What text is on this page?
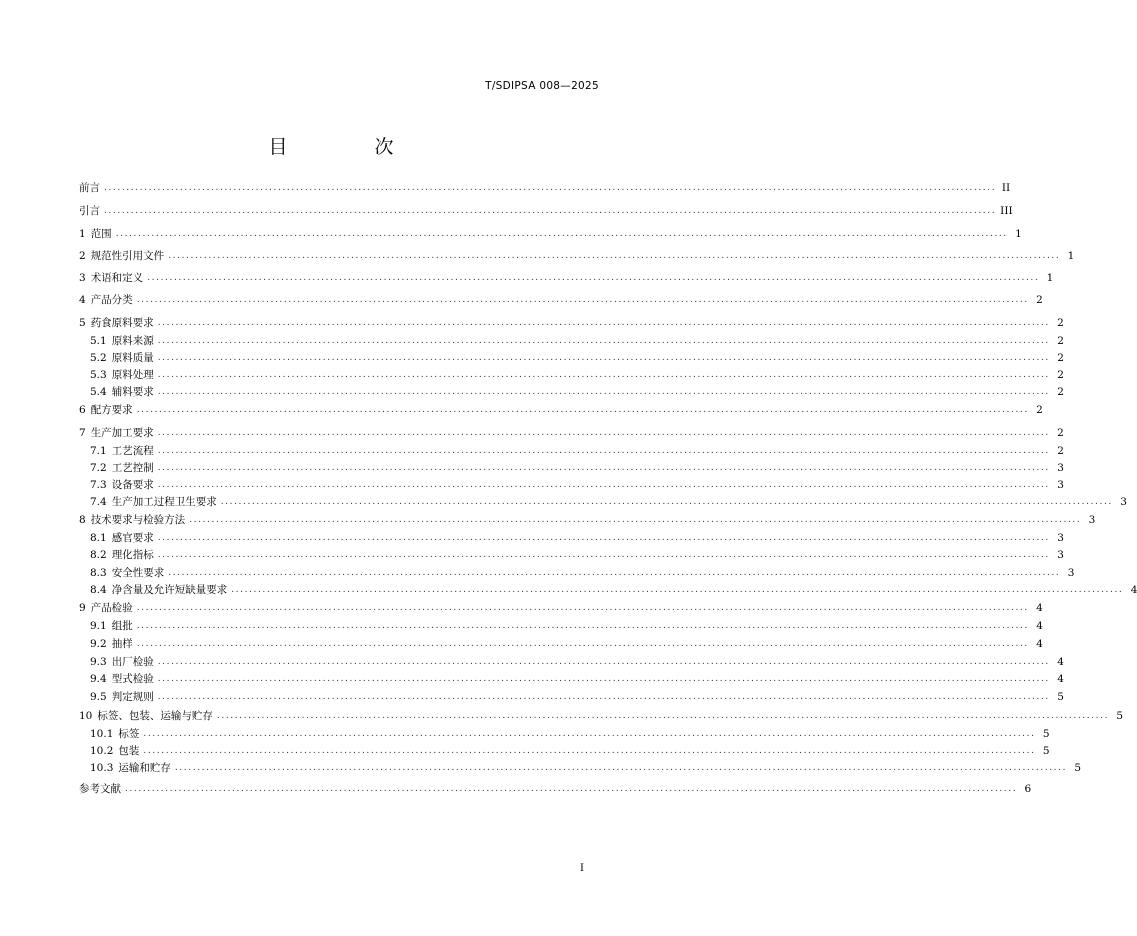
T/SDIPSA 008—2025
目　次
前言 ........................................................................................................................................................................................................ II
引言 ........................................................................................................................................................................................................ III
1 范围 ........................................................................................................................................................................................................ 1
2 规范性引用文件 ........................................................................................................................................................................................................ 1
3 术语和定义 ........................................................................................................................................................................................................ 1
4 产品分类 ........................................................................................................................................................................................................ 2
5 药食原料要求 ........................................................................................................................................................................................................ 2
5.1 原料来源 ........................................................................................................................................................................................................ 2
5.2 原料质量 ........................................................................................................................................................................................................ 2
5.3 原料处理 ........................................................................................................................................................................................................ 2
5.4 辅料要求 ........................................................................................................................................................................................................ 2
6 配方要求 ........................................................................................................................................................................................................ 2
7 生产加工要求 ........................................................................................................................................................................................................ 2
7.1 工艺流程 ........................................................................................................................................................................................................ 2
7.2 工艺控制 ........................................................................................................................................................................................................ 3
7.3 设备要求 ........................................................................................................................................................................................................ 3
7.4 生产加工过程卫生要求 ........................................................................................................................................................................................................ 3
8 技术要求与检验方法 ........................................................................................................................................................................................................ 3
8.1 感官要求 ........................................................................................................................................................................................................ 3
8.2 理化指标 ........................................................................................................................................................................................................ 3
8.3 安全性要求 ........................................................................................................................................................................................................ 3
8.4 净含量及允许短缺量要求 ........................................................................................................................................................................................................ 4
9 产品检验 ........................................................................................................................................................................................................ 4
9.1 组批 ........................................................................................................................................................................................................ 4
9.2 抽样 ........................................................................................................................................................................................................ 4
9.3 出厂检验 ........................................................................................................................................................................................................ 4
9.4 型式检验 ........................................................................................................................................................................................................ 4
9.5 判定规则 ........................................................................................................................................................................................................ 5
10 标签、包装、运输与贮存 ........................................................................................................................................................................................................ 5
10.1 标签 ........................................................................................................................................................................................................ 5
10.2 包装 ........................................................................................................................................................................................................ 5
10.3 运输和贮存 ........................................................................................................................................................................................................ 5
参考文献 ........................................................................................................................................................................................................ 6
I
